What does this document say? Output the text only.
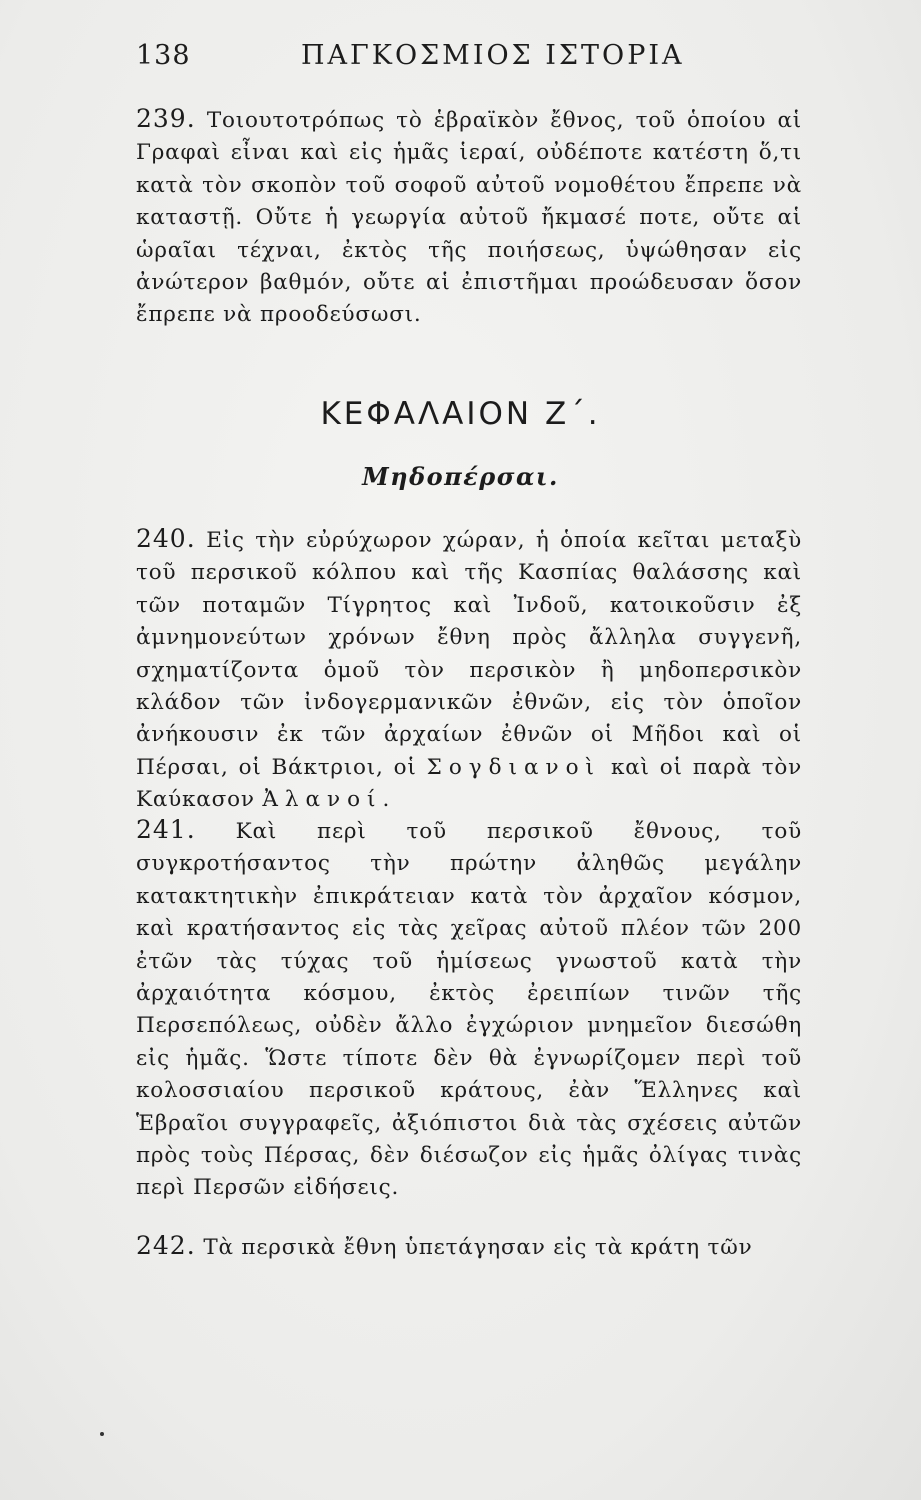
138	ΠΑΓΚΟΣΜΙΟΣ ΙΣΤΟΡΙΑ
239. Τοιουτοτρόπως τὸ ἑβραϊκὸν ἔθνος, τοῦ ὁποίου αἱ Γραφαὶ εἶναι καὶ εἰς ἡμᾶς ἱεραί, οὐδέποτε κατέστη ὅ,τι κατὰ τὸν σκοπὸν τοῦ σοφοῦ αὐτοῦ νομοθέτου ἔπρεπε νὰ καταστῇ. Οὔτε ἡ γεωργία αὐτοῦ ἤκμασέ ποτε, οὔτε αἱ ὡραῖαι τέχναι, ἐκτὸς τῆς ποιήσεως, ὑψώθησαν εἰς ἀνώτερον βαθμόν, οὔτε αἱ ἐπιστῆμαι προώδευσαν ὅσον ἔπρεπε νὰ προοδεύσωσι.
ΚΕΦΑΛΑΙΟΝ Ζ΄.
Μηδοπέρσαι.
240. Εἰς τὴν εὐρύχωρον χώραν, ἡ ὁποία κεῖται μεταξὺ τοῦ περσικοῦ κόλπου καὶ τῆς Κασπίας θαλάσσης καὶ τῶν ποταμῶν Τίγρητος καὶ Ἰνδοῦ, κατοικοῦσιν ἐξ ἀμνημονεύτων χρόνων ἔθνη πρὸς ἄλληλα συγγενῆ, σχηματίζοντα ὁμοῦ τὸν περσικὸν ἢ μηδοπερσικὸν κλάδον τῶν ἰνδογερμανικῶν ἐθνῶν, εἰς τὸν ὁποῖον ἀνήκουσιν ἐκ τῶν ἀρχαίων ἐθνῶν οἱ Μῆδοι καὶ οἱ Πέρσαι, οἱ Βάκτριοι, οἱ Σογδιανοὶ καὶ οἱ παρὰ τὸν Καύκασον Ἀλανοί.
241. Καὶ περὶ τοῦ περσικοῦ ἔθνους, τοῦ συγκροτήσαντος τὴν πρώτην ἀληθῶς μεγάλην κατακτητικὴν ἐπικράτειαν κατὰ τὸν ἀρχαῖον κόσμον, καὶ κρατήσαντος εἰς τὰς χεῖρας αὐτοῦ πλέον τῶν 200 ἐτῶν τὰς τύχας τοῦ ἡμίσεως γνωστοῦ κατὰ τὴν ἀρχαιότητα κόσμου, ἐκτὸς ἐρειπίων τινῶν τῆς Περσεπόλεως, οὐδὲν ἄλλο ἐγχώριον μνημεῖον διεσώθη εἰς ἡμᾶς. Ὥστε τίποτε δὲν θὰ ἐγνωρίζομεν περὶ τοῦ κολοσσιαίου περσικοῦ κράτους, ἐὰν Ἕλληνες καὶ Ἑβραῖοι συγγραφεῖς, ἀξιόπιστοι διὰ τὰς σχέσεις αὐτῶν πρὸς τοὺς Πέρσας, δὲν διέσωζον εἰς ἡμᾶς ὀλίγας τινὰς περὶ Περσῶν εἰδήσεις.
242. Τὰ περσικὰ ἔθνη ὑπετάγησαν εἰς τὰ κράτη τῶν
